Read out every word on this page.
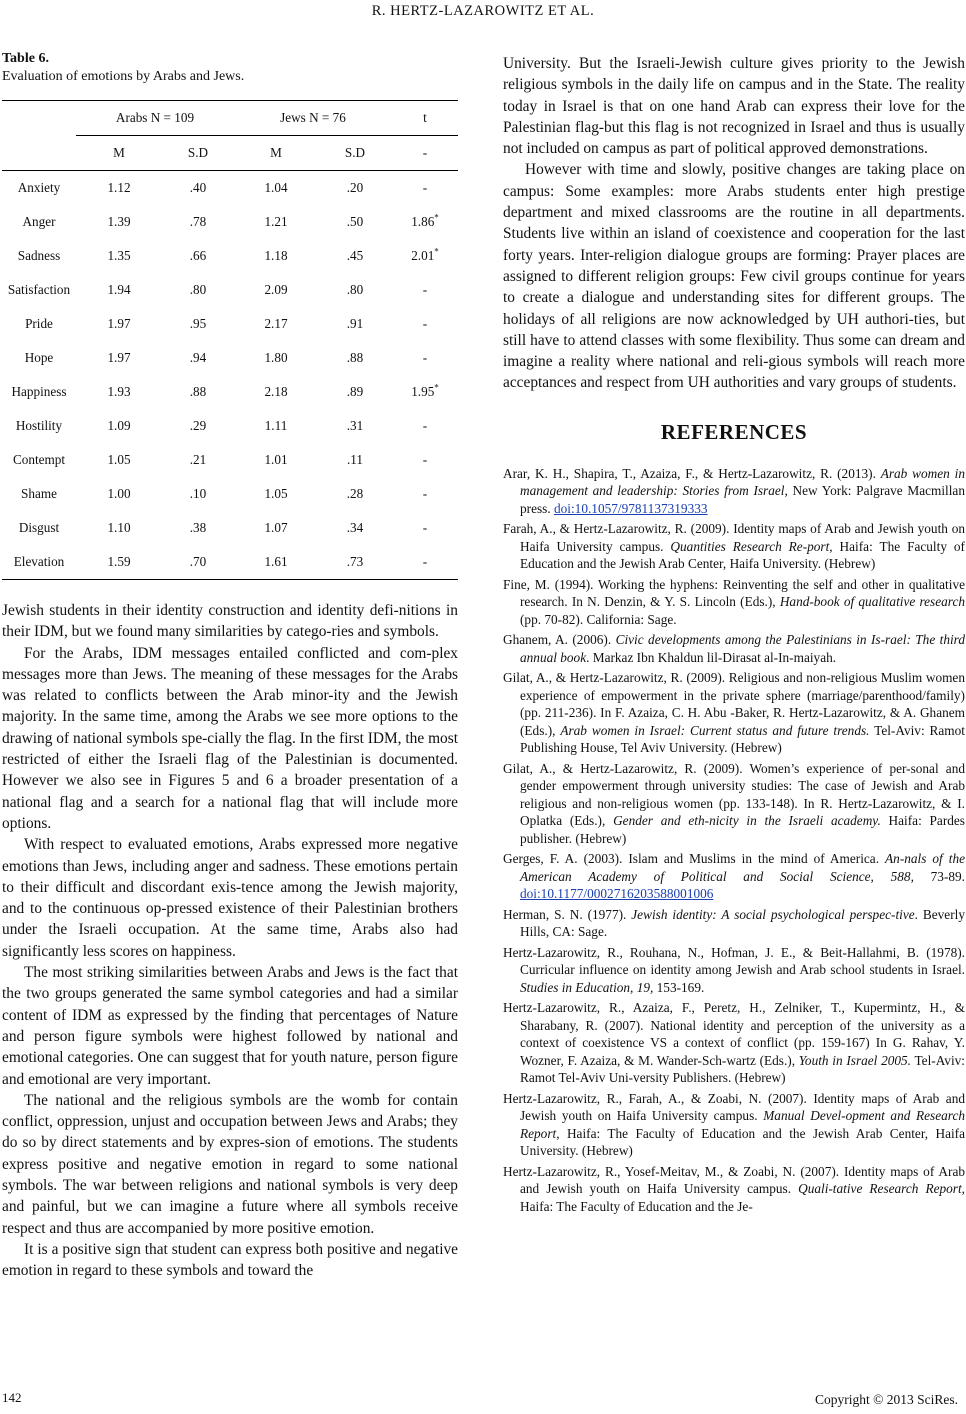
R. HERTZ-LAZAROWITZ ET AL.
Table 6.
Evaluation of emotions by Arabs and Jews.
	Arabs N = 109		Jews N = 76		t
	M	S.D	M	S.D	-
Anxiety	1.12	.40	1.04	.20	-
Anger	1.39	.78	1.21	.50	1.86*
Sadness	1.35	.66	1.18	.45	2.01*
Satisfaction	1.94	.80	2.09	.80	-
Pride	1.97	.95	2.17	.91	-
Hope	1.97	.94	1.80	.88	-
Happiness	1.93	.88	2.18	.89	1.95*
Hostility	1.09	.29	1.11	.31	-
Contempt	1.05	.21	1.01	.11	-
Shame	1.00	.10	1.05	.28	-
Disgust	1.10	.38	1.07	.34	-
Elevation	1.59	.70	1.61	.73	-

Jewish students in their identity construction and identity defi-nitions in their IDM, but we found many similarities by catego-ries and symbols.

For the Arabs, IDM messages entailed conflicted and com-plex messages more than Jews. The meaning of these messages for the Arabs was related to conflicts between the Arab minor-ity and the Jewish majority. In the same time, among the Arabs we see more options to the drawing of national symbols spe-cially the flag. In the first IDM, the most restricted of either the Israeli flag of the Palestinian is documented. However we also see in Figures 5 and 6 a broader presentation of a national flag and a search for a national flag that will include more options.

With respect to evaluated emotions, Arabs expressed more negative emotions than Jews, including anger and sadness. These emotions pertain to their difficult and discordant exis-tence among the Jewish majority, and to the continuous op-pressed existence of their Palestinian brothers under the Israeli occupation. At the same time, Arabs also had significantly less scores on happiness.

The most striking similarities between Arabs and Jews is the fact that the two groups generated the same symbol categories and had a similar content of IDM as expressed by the finding that percentages of Nature and person figure symbols were highest followed by national and emotional categories. One can suggest that for youth nature, person figure and emotional are very important.

The national and the religious symbols are the womb for contain conflict, oppression, unjust and occupation between Jews and Arabs; they do so by direct statements and by expres-sion of emotions. The students express positive and negative emotion in regard to some national symbols. The war between religions and national symbols is very deep and painful, but we can imagine a future where all symbols receive respect and thus are accompanied by more positive emotion.

It is a positive sign that student can express both positive and negative emotion in regard to these symbols and toward the

University. But the Israeli-Jewish culture gives priority to the Jewish religious symbols in the daily life on campus and in the State. The reality today in Israel is that on one hand Arab can express their love for the Palestinian flag-but this flag is not recognized in Israel and thus is usually not included on campus as part of political approved demonstrations.

However with time and slowly, positive changes are taking place on campus: Some examples: more Arabs students enter high prestige department and mixed classrooms are the routine in all departments. Students live within an island of coexistence and cooperation for the last forty years. Inter-religion dialogue groups are forming: Prayer places are assigned to different religion groups: Few civil groups continue for years to create a dialogue and understanding sites for different groups. The holidays of all religions are now acknowledged by UH authori-ties, but still have to attend classes with some flexibility. Thus some can dream and imagine a reality where national and reli-gious symbols will reach more acceptances and respect from UH authorities and vary groups of students.

REFERENCES
Arar, K. H., Shapira, T., Azaiza, F., & Hertz-Lazarowitz, R. (2013). Arab women in management and leadership: Stories from Israel, New York: Palgrave Macmillan press. doi:10.1057/9781137319333
Farah, A., & Hertz-Lazarowitz, R. (2009). Identity maps of Arab and Jewish youth on Haifa University campus. Quantities Research Re-port, Haifa: The Faculty of Education and the Jewish Arab Center, Haifa University. (Hebrew)
Fine, M. (1994). Working the hyphens: Reinventing the self and other in qualitative research. In N. Denzin, & Y. S. Lincoln (Eds.), Hand-book of qualitative research (pp. 70-82). California: Sage.
Ghanem, A. (2006). Civic developments among the Palestinians in Is-rael: The third annual book. Markaz Ibn Khaldun lil-Dirasat al-In-maiyah.
Gilat, A., & Hertz-Lazarowitz, R. (2009). Religious and non-religious Muslim women experience of empowerment in the private sphere (marriage/parenthood/family) (pp. 211-236). In F. Azaiza, C. H. Abu -Baker, R. Hertz-Lazarowitz, & A. Ghanem (Eds.), Arab women in Israel: Current status and future trends. Tel-Aviv: Ramot Publishing House, Tel Aviv University. (Hebrew)
Gilat, A., & Hertz-Lazarowitz, R. (2009). Women’s experience of per-sonal and gender empowerment through university studies: The case of Jewish and Arab religious and non-religious women (pp. 133-148). In R. Hertz-Lazarowitz, & I. Oplatka (Eds.), Gender and eth-nicity in the Israeli academy. Haifa: Pardes publisher. (Hebrew)
Gerges, F. A. (2003). Islam and Muslims in the mind of America. An-nals of the American Academy of Political and Social Science, 588, 73-89. doi:10.1177/0002716203588001006
Herman, S. N. (1977). Jewish identity: A social psychological perspec-tive. Beverly Hills, CA: Sage.
Hertz-Lazarowitz, R., Rouhana, N., Hofman, J. E., & Beit-Hallahmi, B. (1978). Curricular influence on identity among Jewish and Arab school students in Israel. Studies in Education, 19, 153-169.
Hertz-Lazarowitz, R., Azaiza, F., Peretz, H., Zelniker, T., Kupermintz, H., & Sharabany, R. (2007). National identity and perception of the university as a context of coexistence VS a context of conflict (pp. 159-167) In G. Rahav, Y. Wozner, F. Azaiza, & M. Wander-Sch-wartz (Eds.), Youth in Israel 2005. Tel-Aviv: Ramot Tel-Aviv Uni-versity Publishers. (Hebrew)
Hertz-Lazarowitz, R., Farah, A., & Zoabi, N. (2007). Identity maps of Arab and Jewish youth on Haifa University campus. Manual Devel-opment and Research Report, Haifa: The Faculty of Education and the Jewish Arab Center, Haifa University. (Hebrew)
Hertz-Lazarowitz, R., Yosef-Meitav, M., & Zoabi, N. (2007). Identity maps of Arab and Jewish youth on Haifa University campus. Quali-tative Research Report, Haifa: The Faculty of Education and the Je-
142	Copyright © 2013 SciRes.
